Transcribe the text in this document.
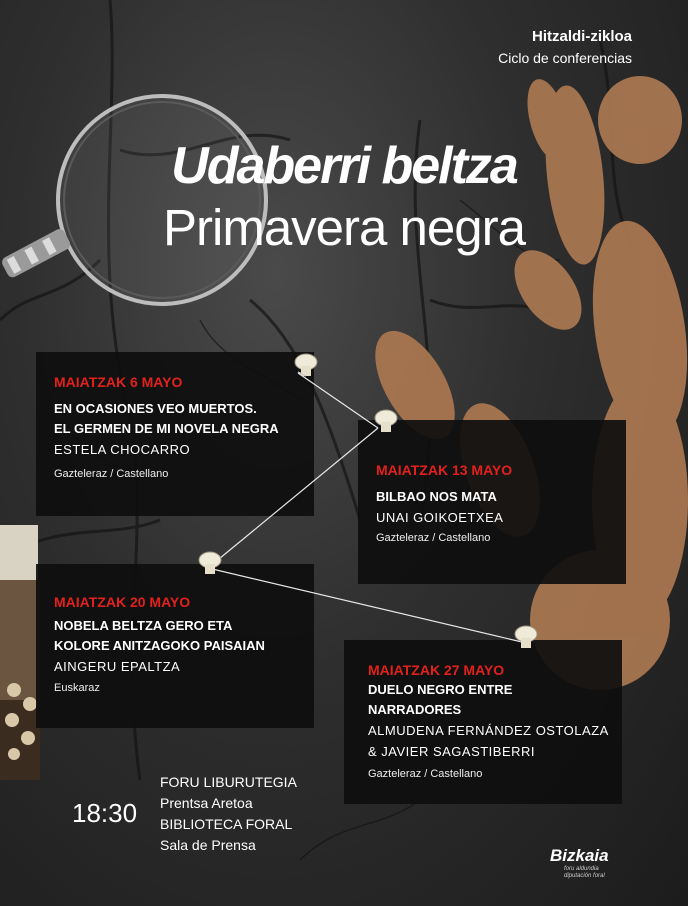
Hitzaldi-zikloa
Ciclo de conferencias
Udaberri beltza
Primavera negra
MAIATZAK 6 MAYO
EN OCASIONES VEO MUERTOS.
EL GERMEN DE MI NOVELA NEGRA
ESTELA CHOCARRO
Gazteleraz / Castellano	MAIATZAK 13 MAYO
BILBAO NOS MATA
UNAI GOIKOETXEA
Gazteleraz / Castellano
MAIATZAK 20 MAYO
NOBELA BELTZA GERO ETA
KOLORE ANITZAGOKO PAISAIAN
AINGERU EPALTZA
Euskaraz
MAIATZAK 27 MAYO
DUELO NEGRO ENTRE
NARRADORES
ALMUDENA FERNÁNDEZ OSTOLAZA
& JAVIER SAGASTIBERRI
Gazteleraz / Castellano
18:30
FORU LIBURUTEGIA
Prentsa Aretoa
BIBLIOTECA FORAL
Sala de Prensa
Bizkaia
foru aldundia
diputación foral
